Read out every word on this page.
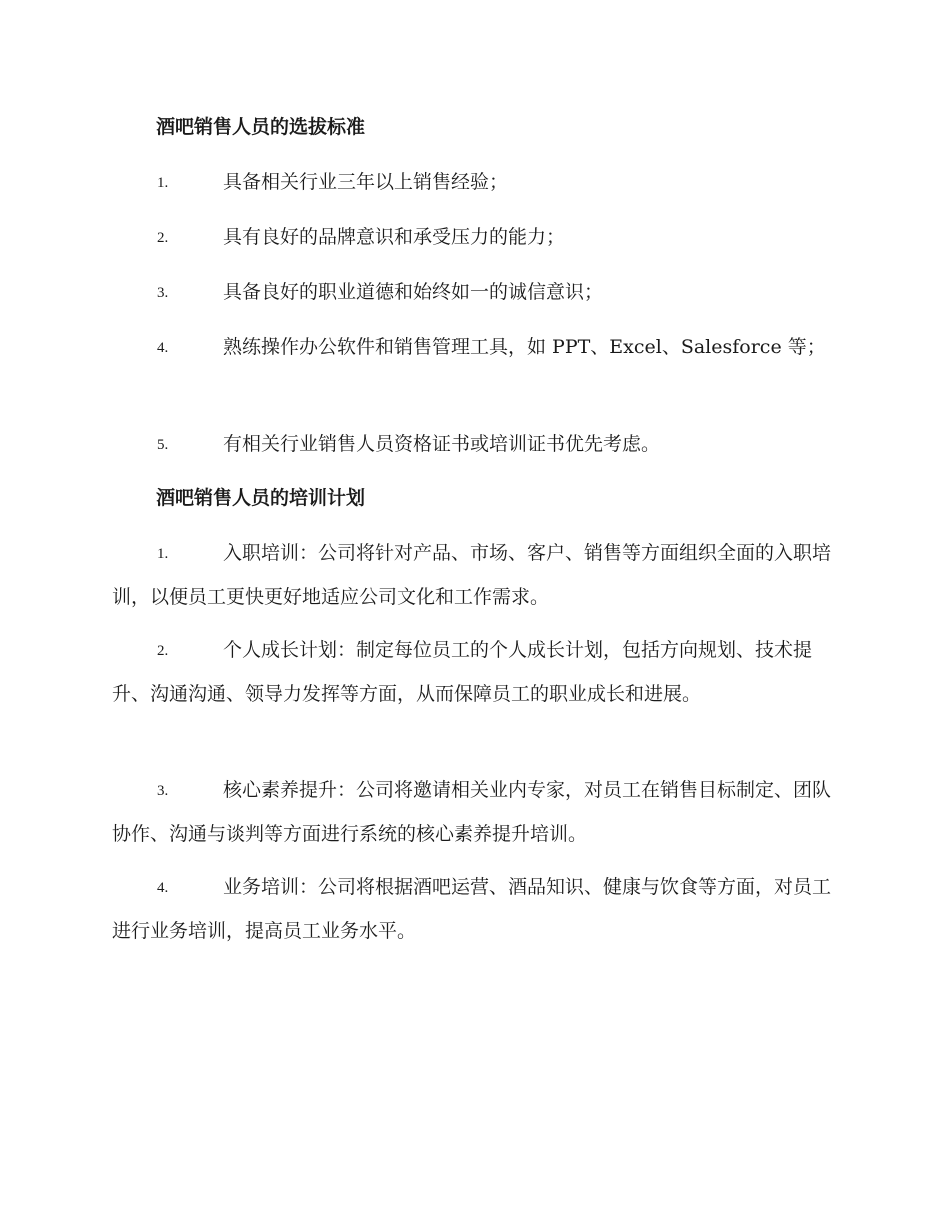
酒吧销售人员的选拔标准
1.	具备相关行业三年以上销售经验；

2.	具有良好的品牌意识和承受压力的能力；

3.	具备良好的职业道德和始终如一的诚信意识；

4.	熟练操作办公软件和销售管理工具，如 PPT、Excel、Salesforce 等；

5.	有相关行业销售人员资格证书或培训证书优先考虑。

酒吧销售人员的培训计划
1.	入职培训：公司将针对产品、市场、客户、销售等方面组织全面的入职培训，以便员工更快更好地适应公司文化和工作需求。

2.	个人成长计划：制定每位员工的个人成长计划，包括方向规划、技术提升、沟通沟通、领导力发挥等方面，从而保障员工的职业成长和进展。

3.	核心素养提升：公司将邀请相关业内专家，对员工在销售目标制定、团队协作、沟通与谈判等方面进行系统的核心素养提升培训。

4.	业务培训：公司将根据酒吧运营、酒品知识、健康与饮食等方面，对员工进行业务培训，提高员工业务水平。
